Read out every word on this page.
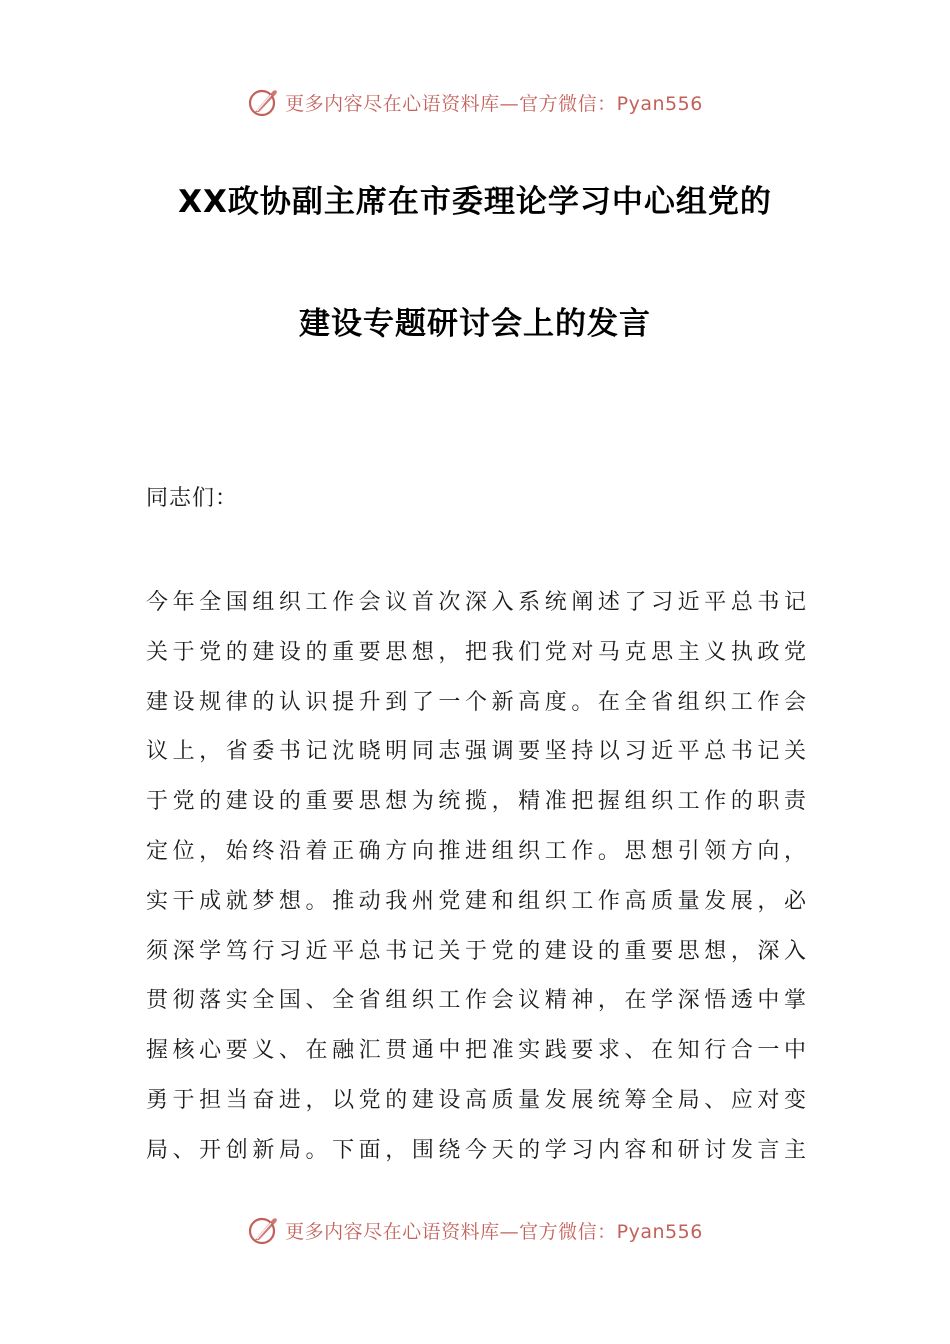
更多内容尽在心语资料库—官方微信：Pyan556
XX政协副主席在市委理论学习中心组党的
建设专题研讨会上的发言
同志们：
今年全国组织工作会议首次深入系统阐述了习近平总书记
关于党的建设的重要思想，把我们党对马克思主义执政党
建设规律的认识提升到了一个新高度。在全省组织工作会
议上，省委书记沈晓明同志强调要坚持以习近平总书记关
于党的建设的重要思想为统揽，精准把握组织工作的职责
定位，始终沿着正确方向推进组织工作。思想引领方向，
实干成就梦想。推动我州党建和组织工作高质量发展，必
须深学笃行习近平总书记关于党的建设的重要思想，深入
贯彻落实全国、全省组织工作会议精神，在学深悟透中掌
握核心要义、在融汇贯通中把准实践要求、在知行合一中
勇于担当奋进，以党的建设高质量发展统筹全局、应对变
局、开创新局。下面，围绕今天的学习内容和研讨发言主
更多内容尽在心语资料库—官方微信：Pyan556
